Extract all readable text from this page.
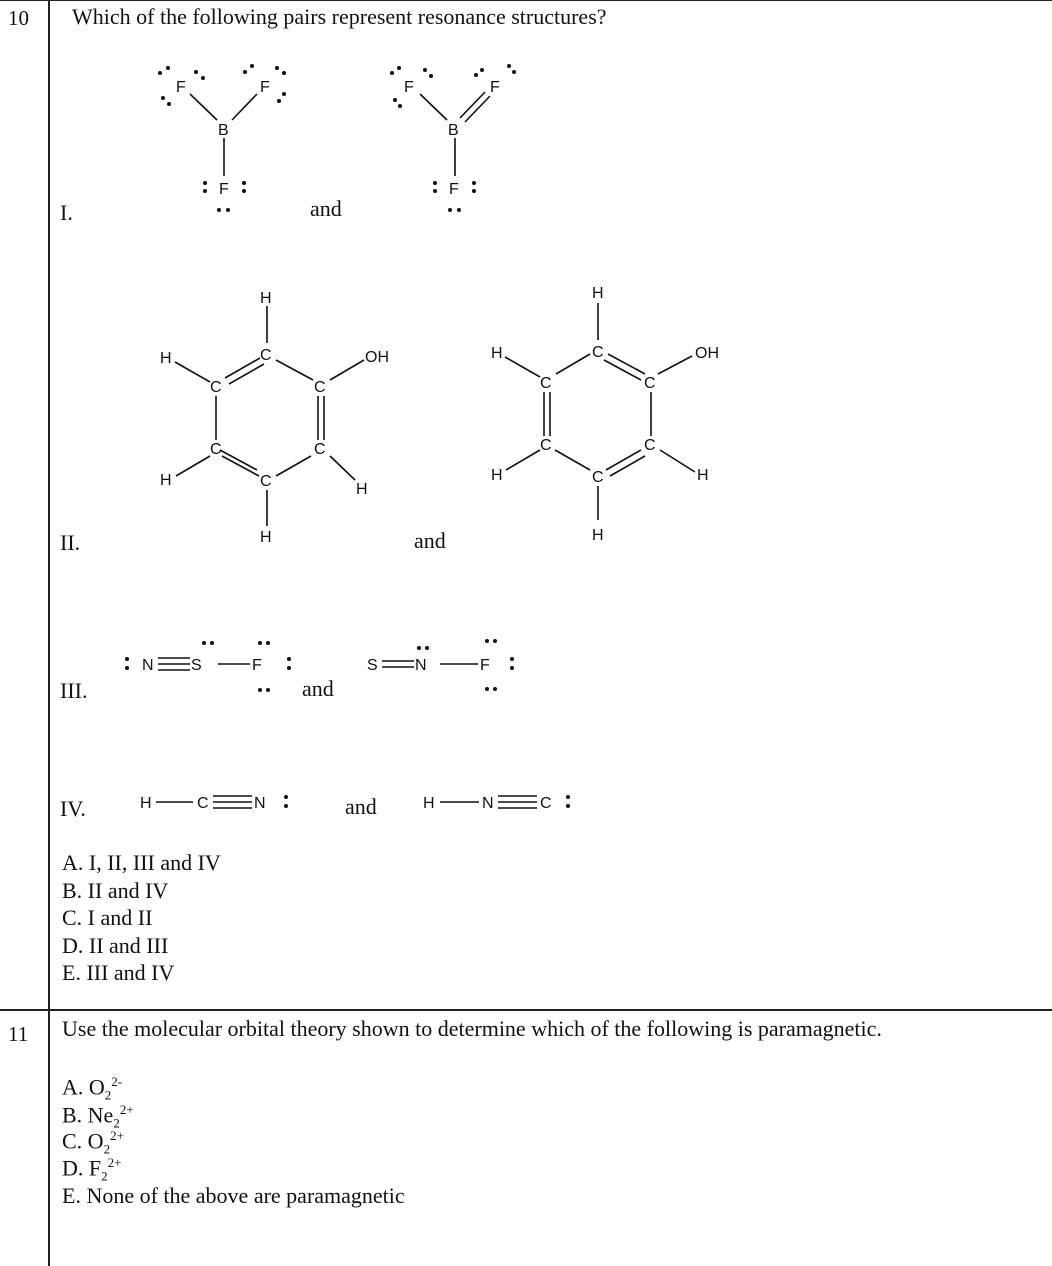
10 Which of the following pairs represent resonance structures?
I.
II.
III.
IV.
and
and
and
and
F	F
B
F
F	F
B
F
H
C
H
C	C
OH
C	C
H	C	H
H
H
C
H
C	C
OH
C	C
H	C	H
H
N S	F	S N	F
H	C	N	H	N	C
A. I, II, III and IV
B. II and IV
C. I and II
D. II and III
E. III and IV
11 Use the molecular orbital theory shown to determine which of the following is paramagnetic.
A. $O_2^{2-}$
B. $Ne_2^{2+}$
C. $O_2^{2+}$
D. $F_2^{2+}$
E. None of the above are paramagnetic
